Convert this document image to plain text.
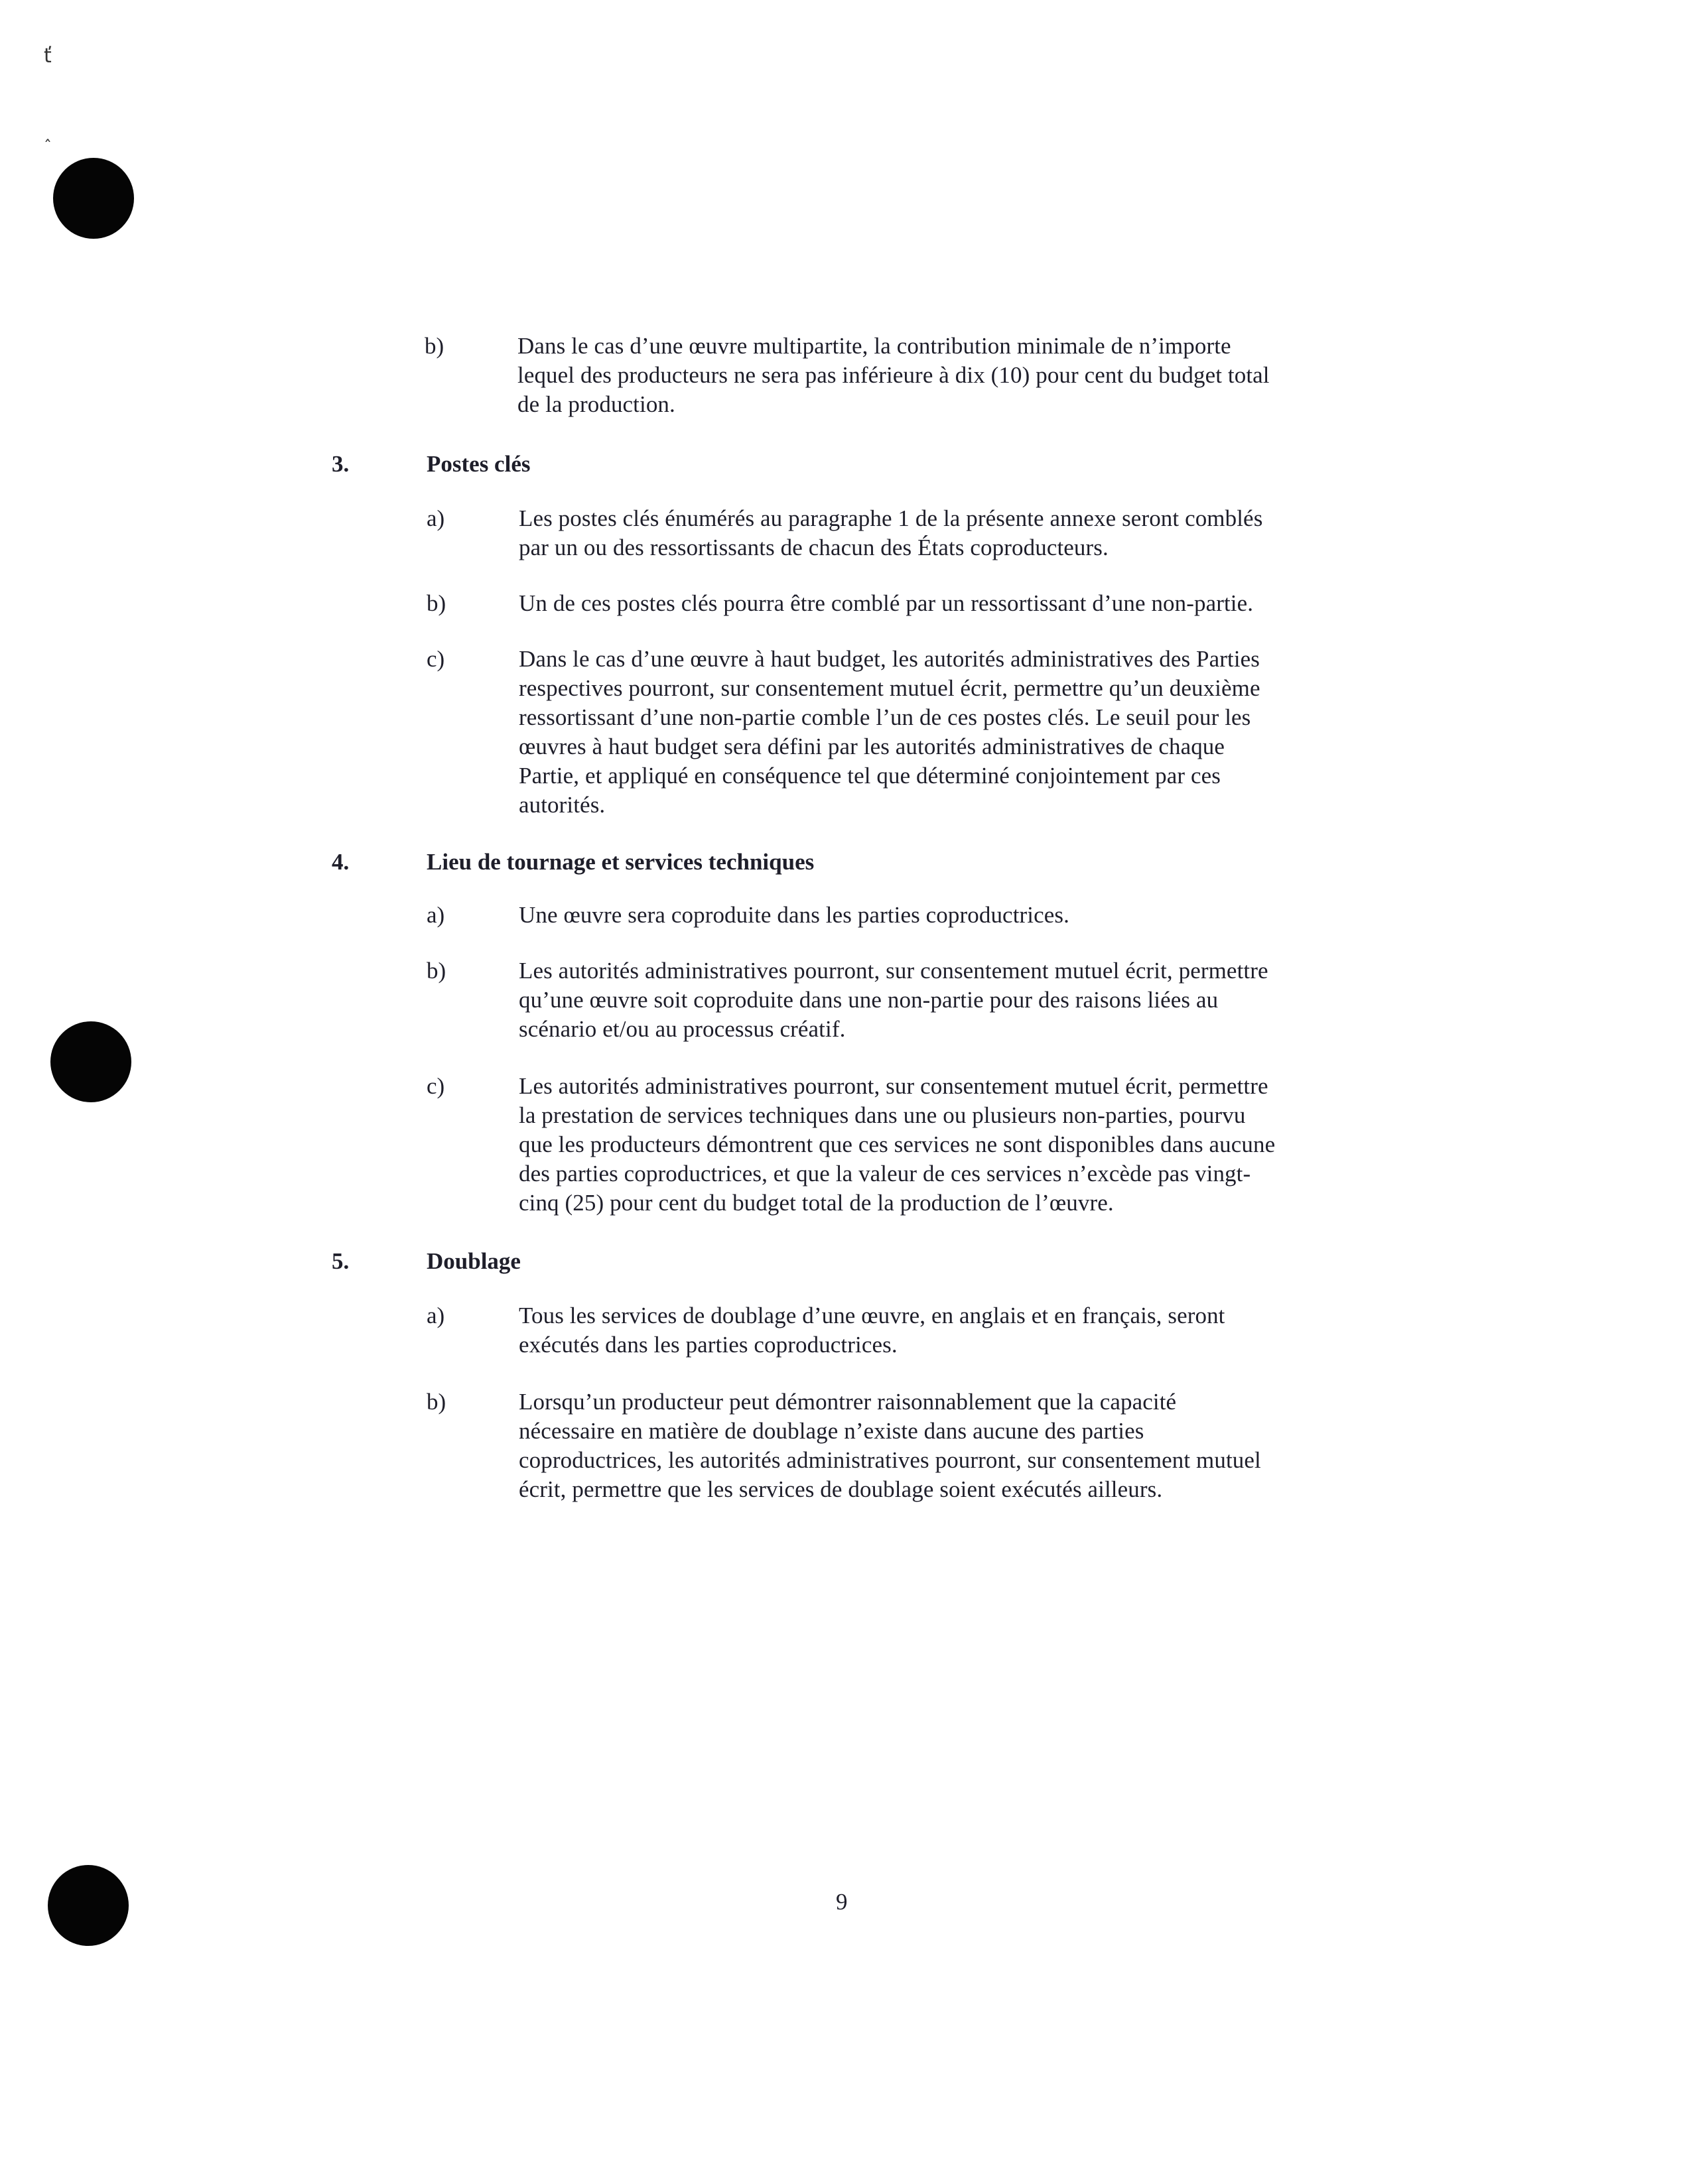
ť
ˆ
b)	Dans le cas d’une œuvre multipartite, la contribution minimale de n’importe
lequel des producteurs ne sera pas inférieure à dix (10) pour cent du budget total
de la production.
3.	Postes clés
a)	Les postes clés énumérés au paragraphe 1 de la présente annexe seront comblés
par un ou des ressortissants de chacun des États coproducteurs.
b)	Un de ces postes clés pourra être comblé par un ressortissant d’une non-partie.
c)	Dans le cas d’une œuvre à haut budget, les autorités administratives des Parties
respectives pourront, sur consentement mutuel écrit, permettre qu’un deuxième
ressortissant d’une non-partie comble l’un de ces postes clés. Le seuil pour les
œuvres à haut budget sera défini par les autorités administratives de chaque
Partie, et appliqué en conséquence tel que déterminé conjointement par ces
autorités.
4.	Lieu de tournage et services techniques
a)	Une œuvre sera coproduite dans les parties coproductrices.
b)	Les autorités administratives pourront, sur consentement mutuel écrit, permettre
qu’une œuvre soit coproduite dans une non-partie pour des raisons liées au
scénario et/ou au processus créatif.
c)	Les autorités administratives pourront, sur consentement mutuel écrit, permettre
la prestation de services techniques dans une ou plusieurs non-parties, pourvu
que les producteurs démontrent que ces services ne sont disponibles dans aucune
des parties coproductrices, et que la valeur de ces services n’excède pas vingt-
cinq (25) pour cent du budget total de la production de l’œuvre.
5.	Doublage
a)	Tous les services de doublage d’une œuvre, en anglais et en français, seront
exécutés dans les parties coproductrices.
b)	Lorsqu’un producteur peut démontrer raisonnablement que la capacité
nécessaire en matière de doublage n’existe dans aucune des parties
coproductrices, les autorités administratives pourront, sur consentement mutuel
écrit, permettre que les services de doublage soient exécutés ailleurs.
9
